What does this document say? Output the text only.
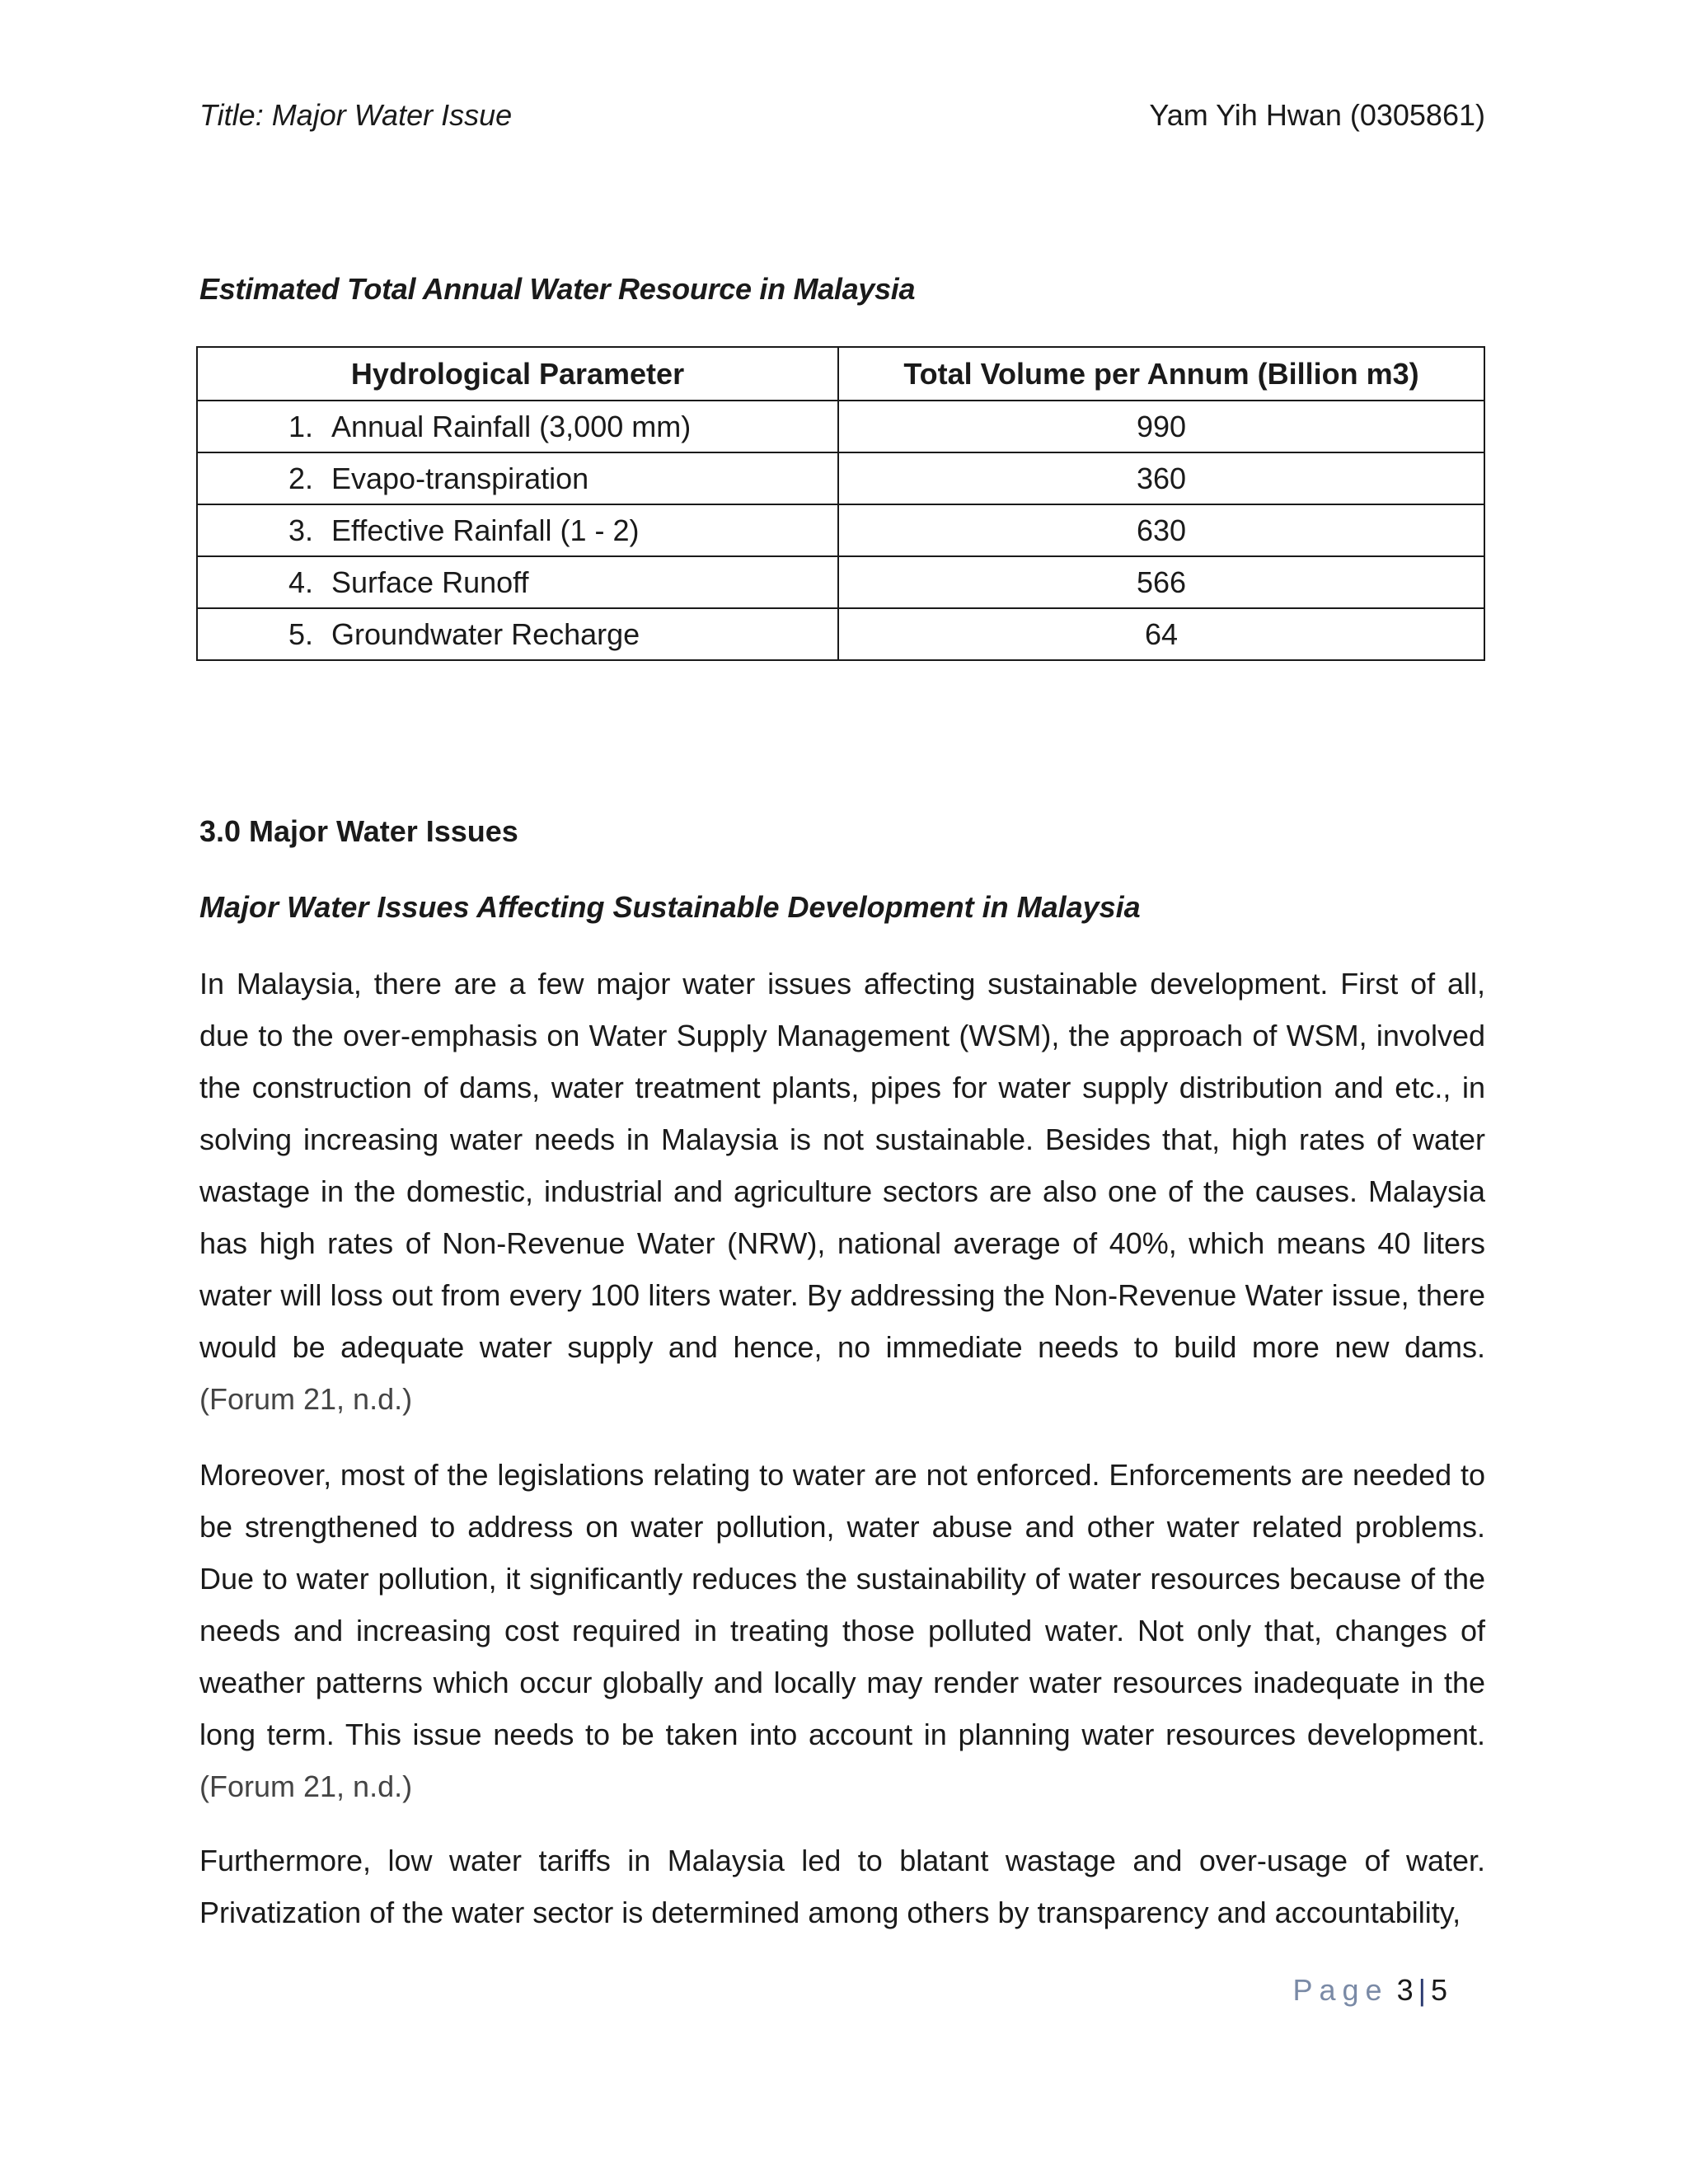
Title: Major Water Issue	Yam Yih Hwan (0305861)
Estimated Total Annual Water Resource in Malaysia
Hydrological Parameter	Total Volume per Annum (Billion m3)
1. Annual Rainfall (3,000 mm)	990
2. Evapo-transpiration	360
3. Effective Rainfall (1 - 2)	630
4. Surface Runoff	566
5. Groundwater Recharge	64
3.0 Major Water Issues
Major Water Issues Affecting Sustainable Development in Malaysia

In Malaysia, there are a few major water issues affecting sustainable development. First of all, due to the over-emphasis on Water Supply Management (WSM), the approach of WSM, involved the construction of dams, water treatment plants, pipes for water supply distribution and etc., in solving increasing water needs in Malaysia is not sustainable. Besides that, high rates of water wastage in the domestic, industrial and agriculture sectors are also one of the causes. Malaysia has high rates of Non-Revenue Water (NRW), national average of 40%, which means 40 liters water will loss out from every 100 liters water. By addressing the Non-Revenue Water issue, there would be adequate water supply and hence, no immediate needs to build more new dams. (Forum 21, n.d.)

Moreover, most of the legislations relating to water are not enforced. Enforcements are needed to be strengthened to address on water pollution, water abuse and other water related problems. Due to water pollution, it significantly reduces the sustainability of water resources because of the needs and increasing cost required in treating those polluted water. Not only that, changes of weather patterns which occur globally and locally may render water resources inadequate in the long term. This issue needs to be taken into account in planning water resources development. (Forum 21, n.d.)

Furthermore, low water tariffs in Malaysia led to blatant wastage and over-usage of water. Privatization of the water sector is determined among others by transparency and accountability,

Page 3 | 5
